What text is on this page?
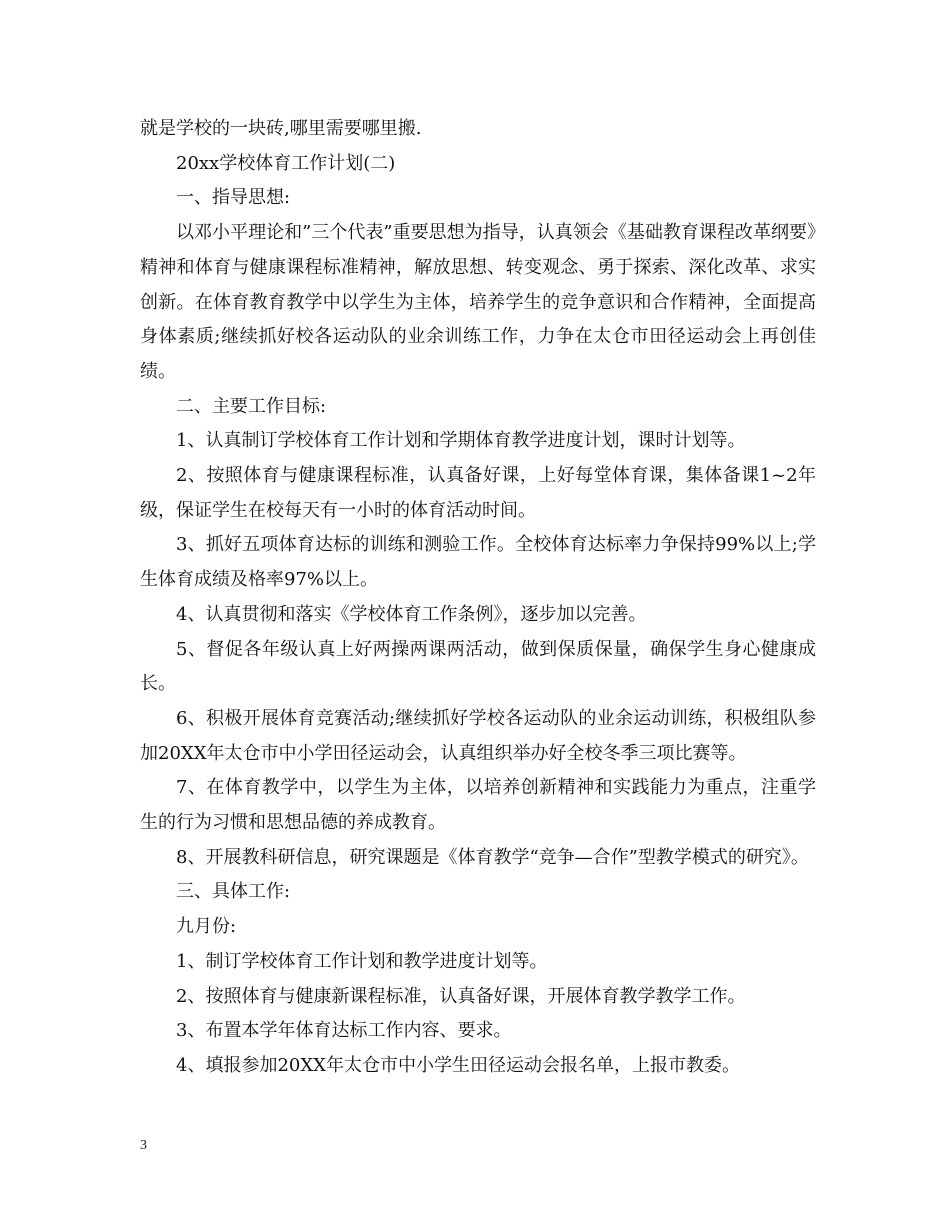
就是学校的一块砖,哪里需要哪里搬.

20xx学校体育工作计划(二)

一、指导思想:

以邓小平理论和”三个代表”重要思想为指导，认真领会《基础教育课程改革纲要》精神和体育与健康课程标准精神，解放思想、转变观念、勇于探索、深化改革、求实创新。在体育教育教学中以学生为主体，培养学生的竞争意识和合作精神，全面提高身体素质;继续抓好校各运动队的业余训练工作，力争在太仓市田径运动会上再创佳绩。

二、主要工作目标:

1、认真制订学校体育工作计划和学期体育教学进度计划，课时计划等。

2、按照体育与健康课程标准，认真备好课，上好每堂体育课，集体备课1~2年级，保证学生在校每天有一小时的体育活动时间。

3、抓好五项体育达标的训练和测验工作。全校体育达标率力争保持99%以上;学生体育成绩及格率97%以上。

4、认真贯彻和落实《学校体育工作条例》，逐步加以完善。

5、督促各年级认真上好两操两课两活动，做到保质保量，确保学生身心健康成长。

6、积极开展体育竞赛活动;继续抓好学校各运动队的业余运动训练，积极组队参加20XX年太仓市中小学田径运动会，认真组织举办好全校冬季三项比赛等。

7、在体育教学中，以学生为主体，以培养创新精神和实践能力为重点，注重学生的行为习惯和思想品德的养成教育。

8、开展教科研信息，研究课题是《体育教学“竞争—合作”型教学模式的研究》。

三、具体工作:

九月份:

1、制订学校体育工作计划和教学进度计划等。

2、按照体育与健康新课程标准，认真备好课，开展体育教学教学工作。

3、布置本学年体育达标工作内容、要求。

4、填报参加20XX年太仓市中小学生田径运动会报名单，上报市教委。

3
